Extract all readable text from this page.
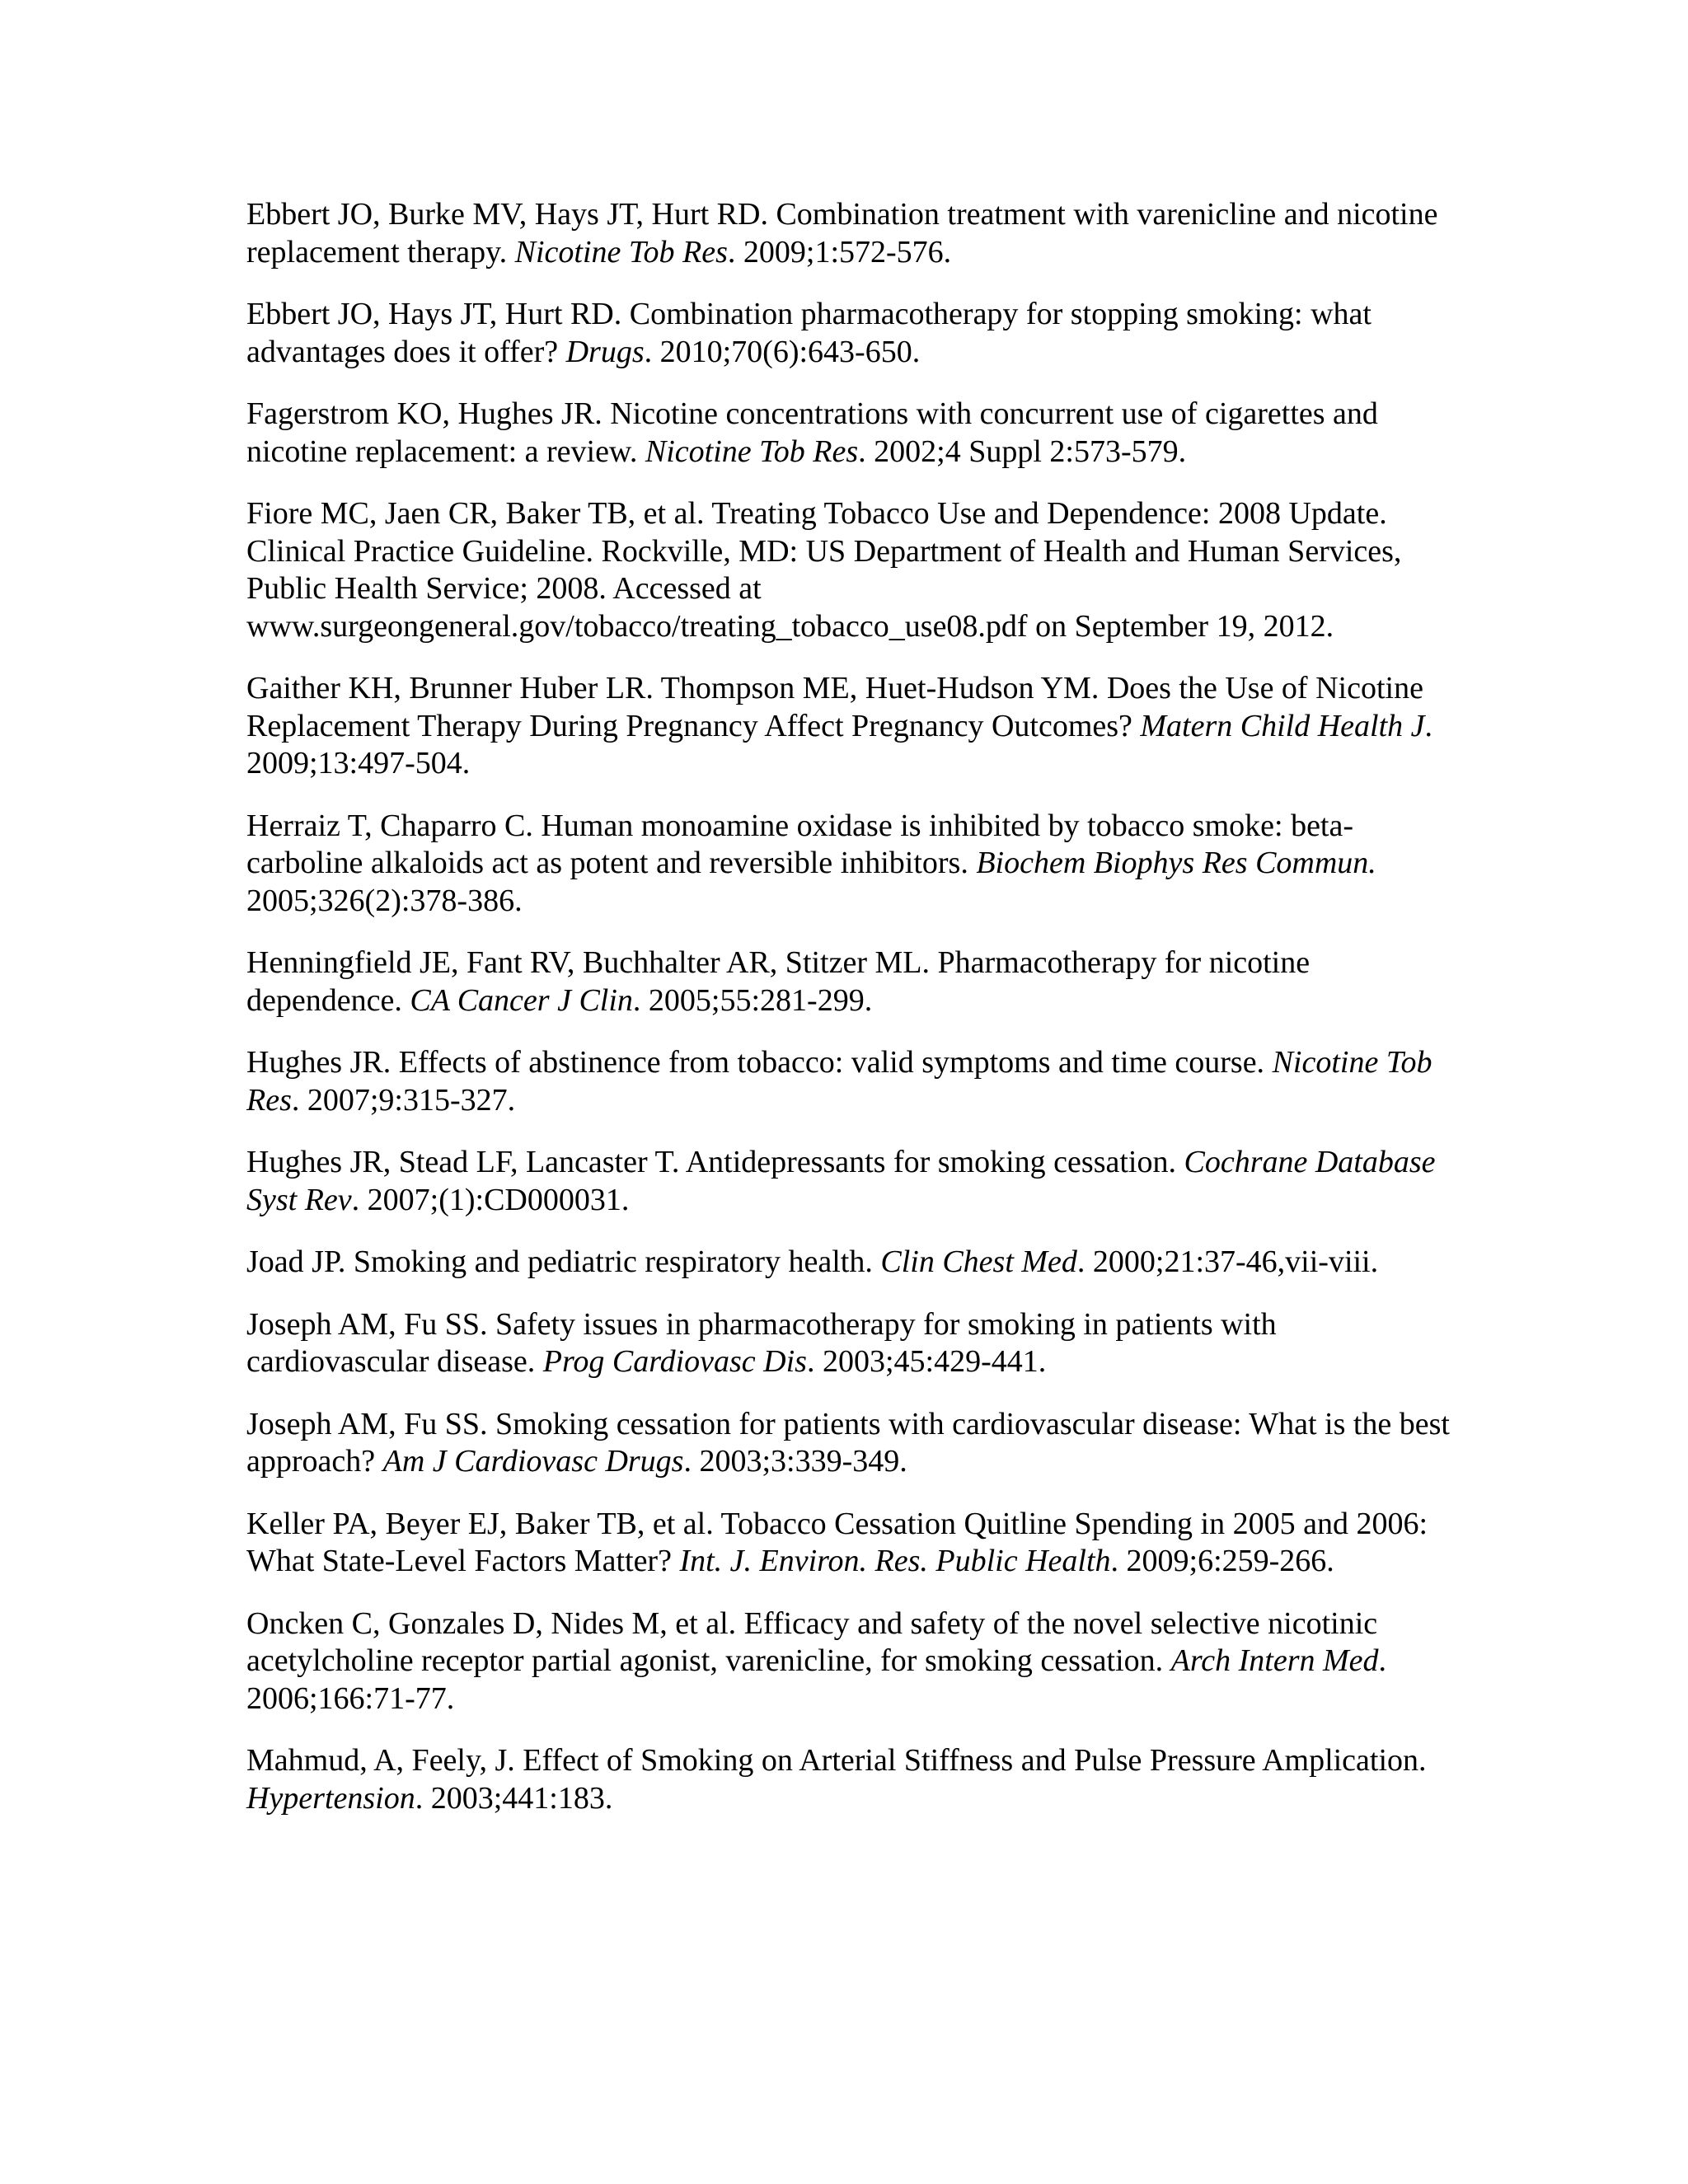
Ebbert JO, Burke MV, Hays JT, Hurt RD. Combination treatment with varenicline and nicotine replacement therapy. Nicotine Tob Res. 2009;1:572-576.

Ebbert JO, Hays JT, Hurt RD. Combination pharmacotherapy for stopping smoking: what advantages does it offer? Drugs. 2010;70(6):643-650.

Fagerstrom KO, Hughes JR. Nicotine concentrations with concurrent use of cigarettes and nicotine replacement: a review. Nicotine Tob Res. 2002;4 Suppl 2:573-579.

Fiore MC, Jaen CR, Baker TB, et al. Treating Tobacco Use and Dependence: 2008 Update. Clinical Practice Guideline. Rockville, MD: US Department of Health and Human Services, Public Health Service; 2008. Accessed at www.surgeongeneral.gov/tobacco/treating_tobacco_use08.pdf on September 19, 2012.

Gaither KH, Brunner Huber LR. Thompson ME, Huet-Hudson YM. Does the Use of Nicotine Replacement Therapy During Pregnancy Affect Pregnancy Outcomes? Matern Child Health J. 2009;13:497-504.

Herraiz T, Chaparro C. Human monoamine oxidase is inhibited by tobacco smoke: beta-carboline alkaloids act as potent and reversible inhibitors. Biochem Biophys Res Commun. 2005;326(2):378-386.

Henningfield JE, Fant RV, Buchhalter AR, Stitzer ML. Pharmacotherapy for nicotine dependence. CA Cancer J Clin. 2005;55:281-299.

Hughes JR. Effects of abstinence from tobacco: valid symptoms and time course. Nicotine Tob Res. 2007;9:315-327.

Hughes JR, Stead LF, Lancaster T. Antidepressants for smoking cessation. Cochrane Database Syst Rev. 2007;(1):CD000031.

Joad JP. Smoking and pediatric respiratory health. Clin Chest Med. 2000;21:37-46,vii-viii.

Joseph AM, Fu SS. Safety issues in pharmacotherapy for smoking in patients with cardiovascular disease. Prog Cardiovasc Dis. 2003;45:429-441.

Joseph AM, Fu SS. Smoking cessation for patients with cardiovascular disease: What is the best approach? Am J Cardiovasc Drugs. 2003;3:339-349.

Keller PA, Beyer EJ, Baker TB, et al. Tobacco Cessation Quitline Spending in 2005 and 2006: What State-Level Factors Matter? Int. J. Environ. Res. Public Health. 2009;6:259-266.

Oncken C, Gonzales D, Nides M, et al. Efficacy and safety of the novel selective nicotinic acetylcholine receptor partial agonist, varenicline, for smoking cessation. Arch Intern Med. 2006;166:71-77.

Mahmud, A, Feely, J. Effect of Smoking on Arterial Stiffness and Pulse Pressure Amplication. Hypertension. 2003;441:183.
